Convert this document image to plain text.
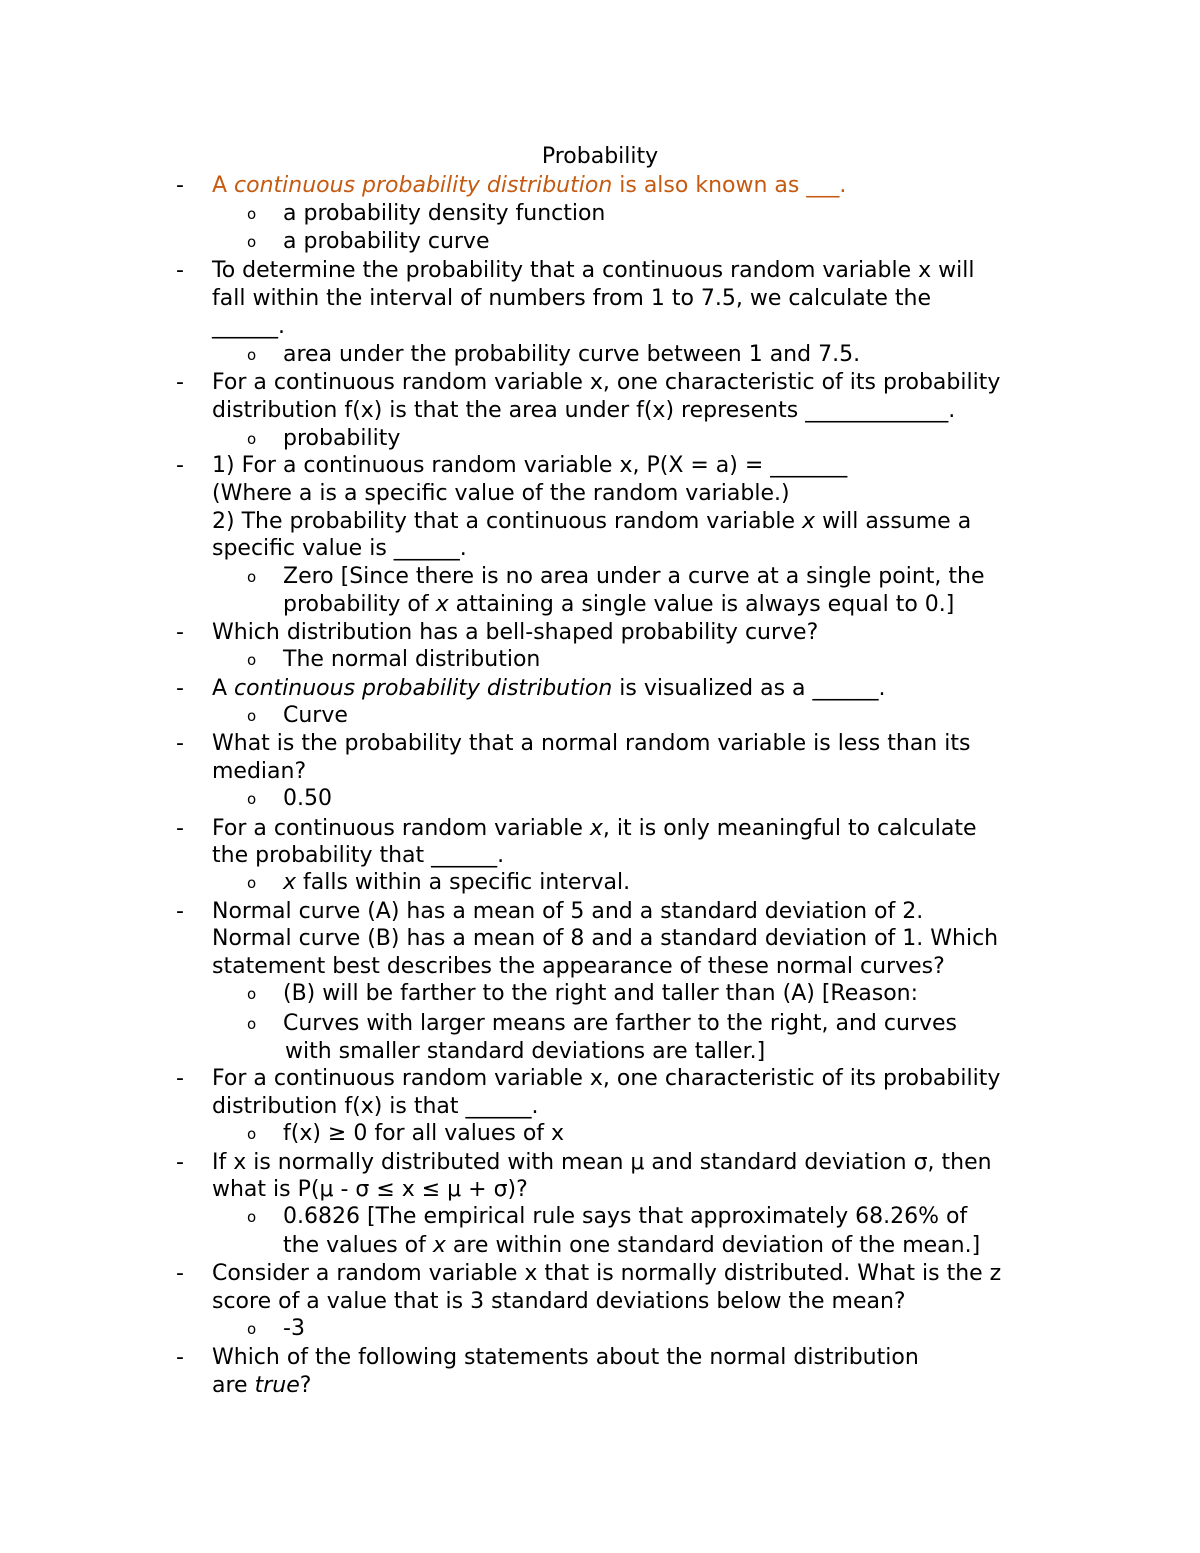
Probability
- A continuous probability distribution is also known as ___.
o a probability density function
o a probability curve
- To determine the probability that a continuous random variable x will
fall within the interval of numbers from 1 to 7.5, we calculate the
______.
o area under the probability curve between 1 and 7.5.
- For a continuous random variable x, one characteristic of its probability
distribution f(x) is that the area under f(x) represents _____________.
o probability
- 1) For a continuous random variable x, P(X = a) = _______
(Where a is a specific value of the random variable.)
2) The probability that a continuous random variable x will assume a
specific value is ______.
o Zero [Since there is no area under a curve at a single point, the
probability of x attaining a single value is always equal to 0.]
- Which distribution has a bell-shaped probability curve?
o The normal distribution
- A continuous probability distribution is visualized as a ______.
o Curve
- What is the probability that a normal random variable is less than its
median?
o 0.50
- For a continuous random variable x, it is only meaningful to calculate
the probability that ______.
o x falls within a specific interval.
- Normal curve (A) has a mean of 5 and a standard deviation of 2.
Normal curve (B) has a mean of 8 and a standard deviation of 1. Which
statement best describes the appearance of these normal curves?
o (B) will be farther to the right and taller than (A) [Reason:
o Curves with larger means are farther to the right, and curves
with smaller standard deviations are taller.]
- For a continuous random variable x, one characteristic of its probability
distribution f(x) is that ______.
o f(x) ≥ 0 for all values of x
- If x is normally distributed with mean μ and standard deviation σ, then
what is P(μ - σ ≤ x ≤ μ + σ)?
o 0.6826 [The empirical rule says that approximately 68.26% of
the values of x are within one standard deviation of the mean.]
- Consider a random variable x that is normally distributed. What is the z
score of a value that is 3 standard deviations below the mean?
o -3
- Which of the following statements about the normal distribution
are true?
